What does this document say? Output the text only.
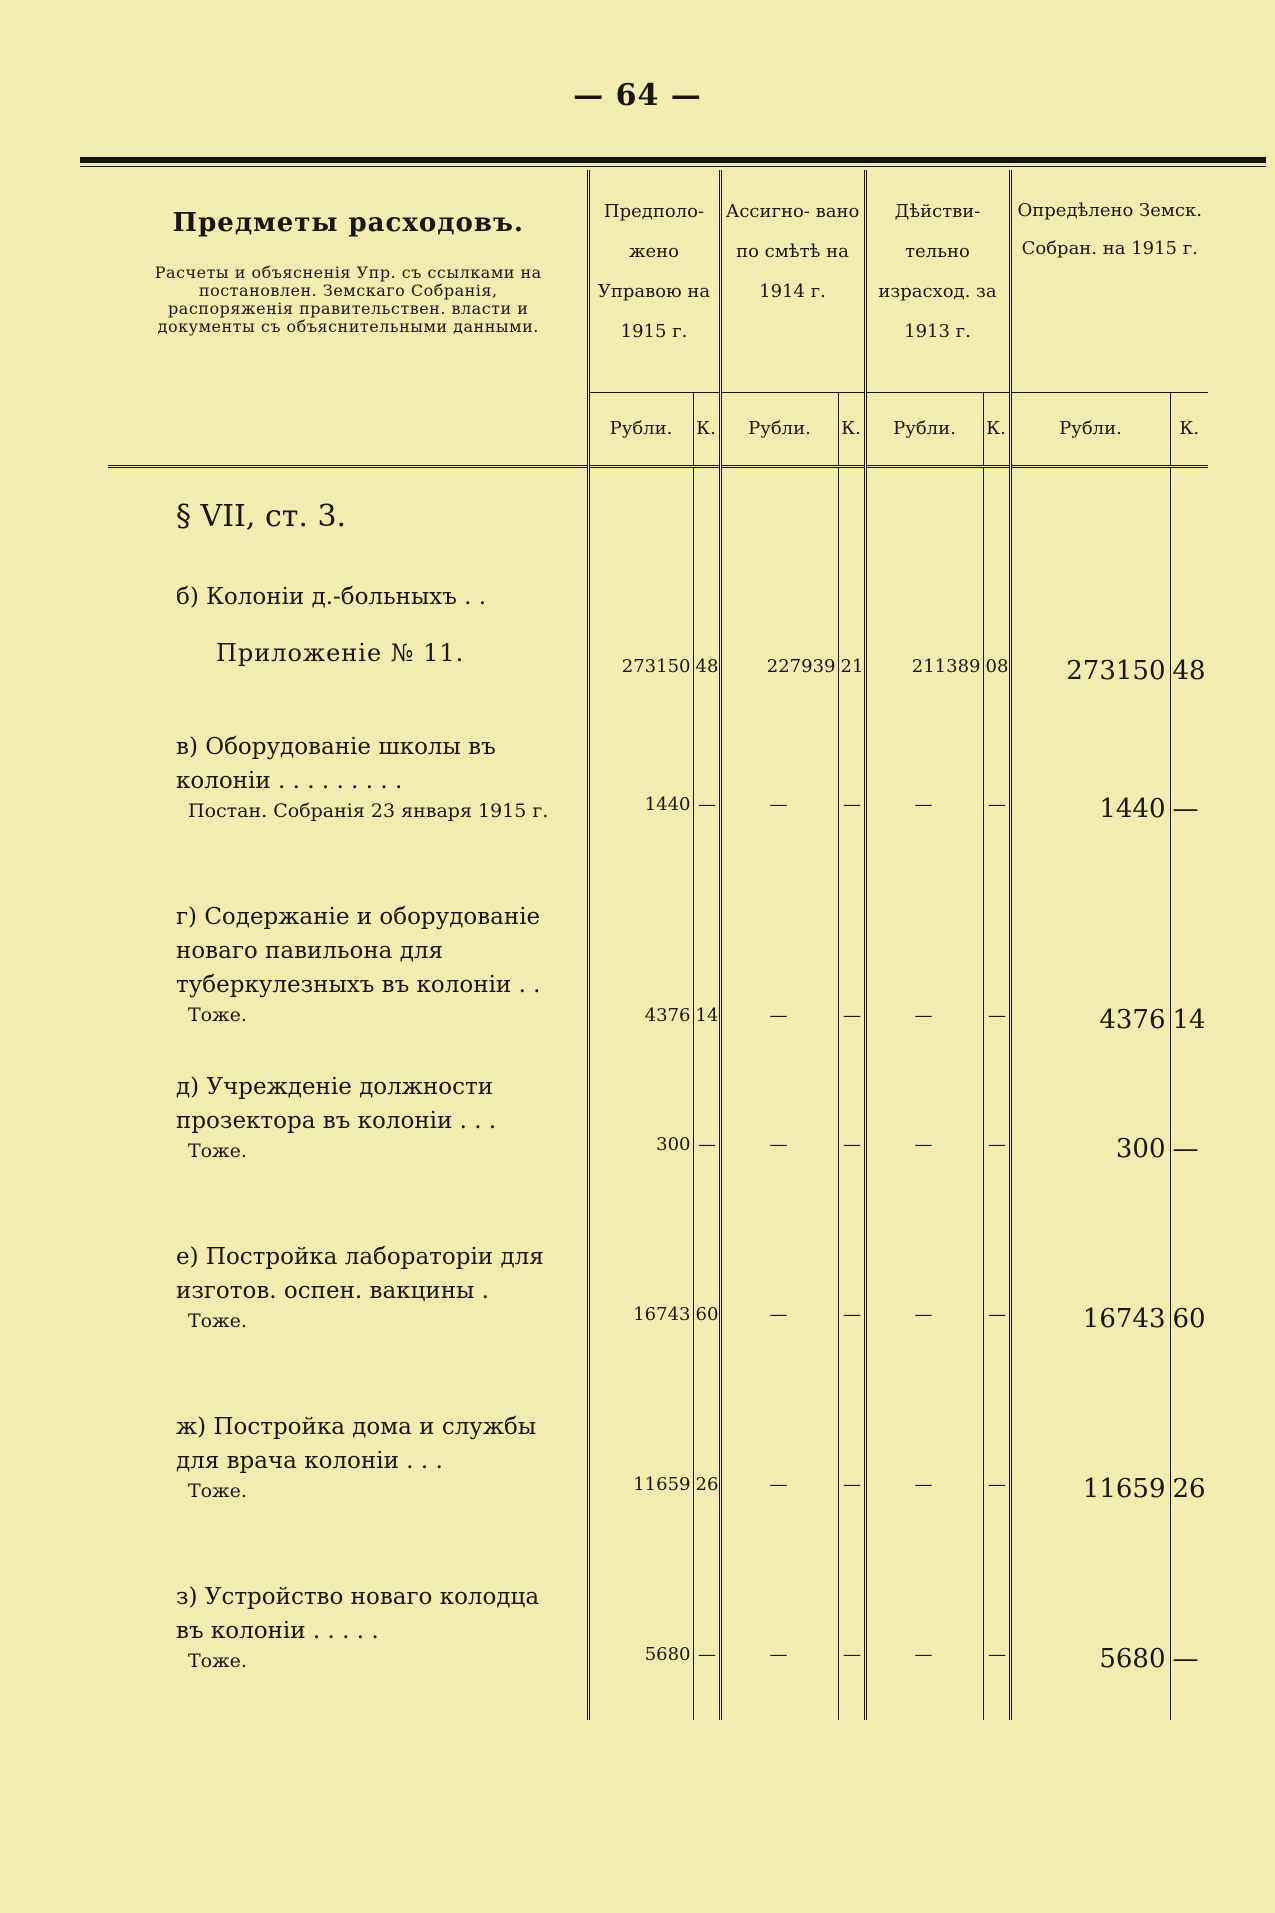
— 64 —
Предметы расходовъ.
Расчеты и объясненія Упр. съ ссылками на постановлен. Земскаго Собранія, распоряженія правительствен. власти и документы съ объяснительными данными.	Предполо- жено Управою на 1915 г.		Ассигно- вано по смѣтѣ на 1914 г.		Дѣйстви- тельно израсход. за 1913 г.		Опредѣлено Земск. Собран. на 1915 г.	
	Рубли.	К.	Рубли.	К.	Рубли.	К.	Рубли.	К.

§ VII, ст. 3.								

б) Колоніи д.-больныхъ . .
Приложеніе № 11.	273150	48	227939	21	211389	08	273150	48

в) Оборудованіе школы въ колоніи . . . . . . . . .
Постан. Собранія 23 января 1915 г.	1440	—	—	—	—	—	1440	—

г) Содержаніе и оборудованіе новаго павильона для туберкулезныхъ въ колоніи . .
Тоже.	4376	14	—	—	—	—	4376	14

д) Учрежденіе должности прозектора въ колоніи . . .
Тоже.	300	—	—	—	—	—	300	—

е) Постройка лабораторіи для изготов. оспен. вакцины .
Тоже.	16743	60	—	—	—	—	16743	60

ж) Постройка дома и службы для врача колоніи . . .
Тоже.	11659	26	—	—	—	—	11659	26

з) Устройство новаго колодца въ колоніи . . . . .
Тоже.	5680	—	—	—	—	—	5680	—
